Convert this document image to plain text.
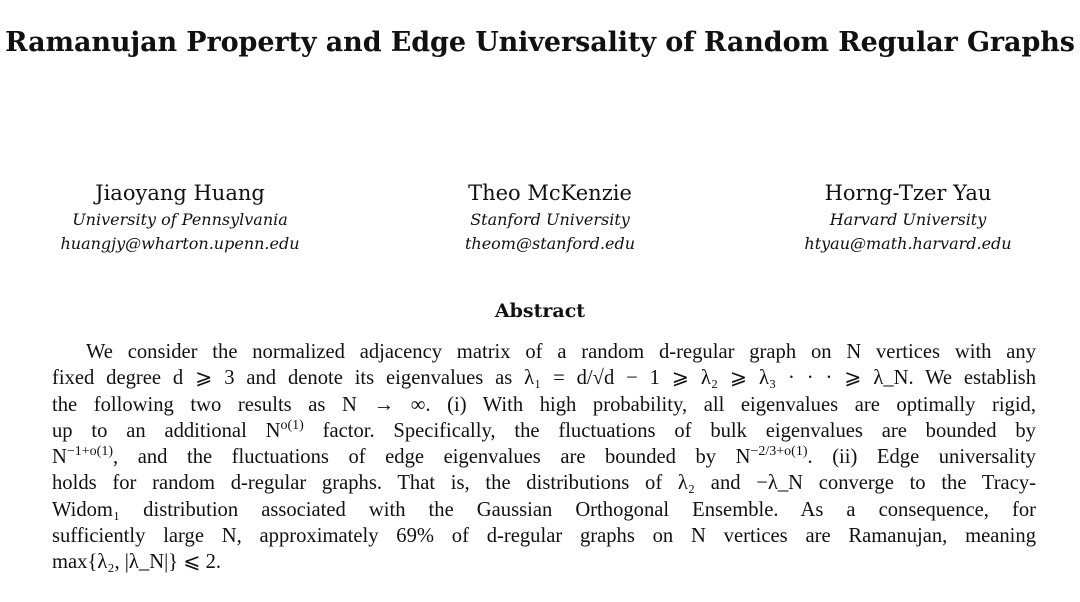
Ramanujan Property and Edge Universality of Random Regular Graphs
Jiaoyang Huang
University of Pennsylvania
huangjy@wharton.upenn.edu
Theo McKenzie
Stanford University
theom@stanford.edu
Horng-Tzer Yau
Harvard University
htyau@math.harvard.edu
Abstract
We consider the normalized adjacency matrix of a random d-regular graph on N vertices with any
fixed degree d ⩾ 3 and denote its eigenvalues as λ₁ = d/√d − 1 ⩾ λ₂ ⩾ λ₃ · · · ⩾ λ_N. We establish
the following two results as N → ∞. (i) With high probability, all eigenvalues are optimally rigid,
up to an additional $N^{o(1)}$ factor. Specifically, the fluctuations of bulk eigenvalues are bounded by
$N^{-1+o(1)}$, and the fluctuations of edge eigenvalues are bounded by $N^{-2/3+o(1)}$. (ii) Edge universality
holds for random d-regular graphs. That is, the distributions of λ₂ and −λ_N converge to the Tracy-
Widom₁ distribution associated with the Gaussian Orthogonal Ensemble. As a consequence, for
sufficiently large N, approximately 69% of d-regular graphs on N vertices are Ramanujan, meaning
max{λ₂, |λ_N|} ⩽ 2.
